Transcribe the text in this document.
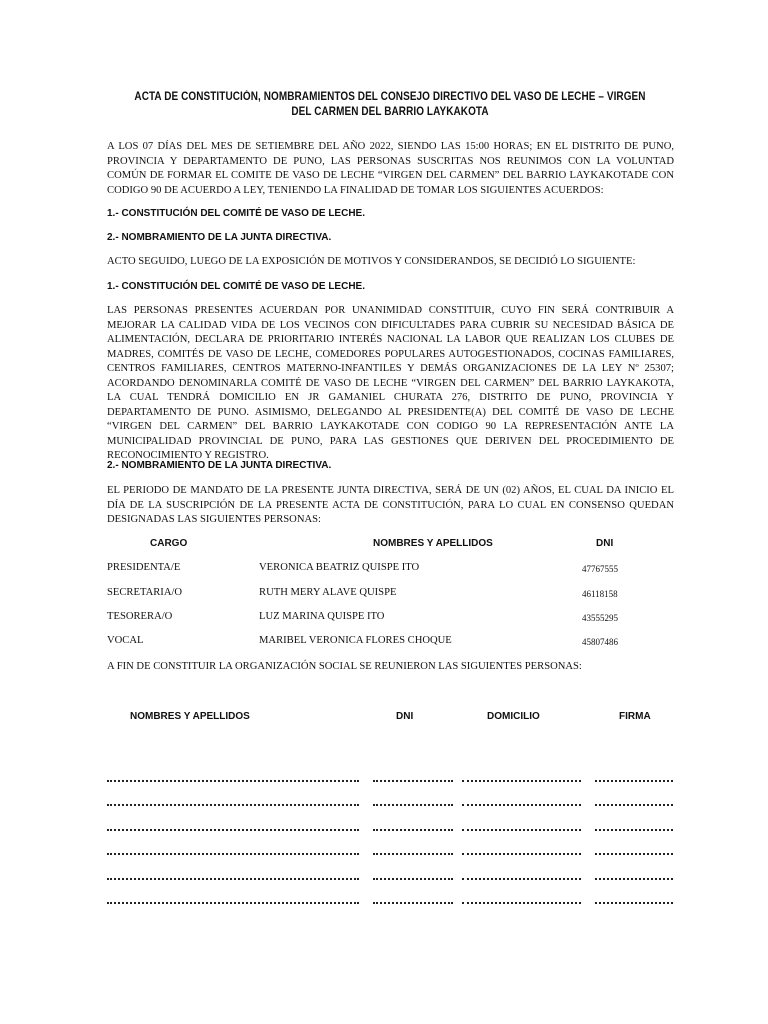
ACTA DE CONSTITUCIÓN, NOMBRAMIENTOS DEL CONSEJO DIRECTIVO DEL VASO DE LECHE – VIRGEN DEL CARMEN DEL BARRIO LAYKAKOTA
A LOS 07 DÍAS DEL MES DE SETIEMBRE DEL AÑO 2022, SIENDO LAS 15:00 HORAS; EN EL DISTRITO DE PUNO, PROVINCIA Y DEPARTAMENTO DE PUNO, LAS PERSONAS SUSCRITAS NOS REUNIMOS CON LA VOLUNTAD COMÚN DE FORMAR EL COMITE DE VASO DE LECHE “VIRGEN DEL CARMEN” DEL BARRIO LAYKAKOTADE CON CODIGO 90 DE ACUERDO A LEY, TENIENDO LA FINALIDAD DE TOMAR LOS SIGUIENTES ACUERDOS:
1.- CONSTITUCIÓN DEL COMITÉ DE VASO DE LECHE.
2.- NOMBRAMIENTO DE LA JUNTA DIRECTIVA.
ACTO SEGUIDO, LUEGO DE LA EXPOSICIÓN DE MOTIVOS Y CONSIDERANDOS, SE DECIDIÓ LO SIGUIENTE:
1.- CONSTITUCIÓN DEL COMITÉ DE VASO DE LECHE.
LAS PERSONAS PRESENTES ACUERDAN POR UNANIMIDAD CONSTITUIR, CUYO FIN SERÁ CONTRIBUIR A MEJORAR LA CALIDAD VIDA DE LOS VECINOS CON DIFICULTADES PARA CUBRIR SU NECESIDAD BÁSICA DE ALIMENTACIÓN, DECLARA DE PRIORITARIO INTERÉS NACIONAL LA LABOR QUE REALIZAN LOS CLUBES DE MADRES, COMITÉS DE VASO DE LECHE, COMEDORES POPULARES AUTOGESTIONADOS, COCINAS FAMILIARES, CENTROS FAMILIARES, CENTROS MATERNO-INFANTILES Y DEMÁS ORGANIZACIONES DE LA LEY Nº 25307; ACORDANDO DENOMINARLA COMITÉ DE VASO DE LECHE “VIRGEN DEL CARMEN” DEL BARRIO LAYKAKOTA, LA CUAL TENDRÁ DOMICILIO EN JR GAMANIEL CHURATA 276, DISTRITO DE PUNO, PROVINCIA Y DEPARTAMENTO DE PUNO. ASIMISMO, DELEGANDO AL PRESIDENTE(A) DEL COMITÉ DE VASO DE LECHE “VIRGEN DEL CARMEN” DEL BARRIO LAYKAKOTADE CON CODIGO 90 LA REPRESENTACIÓN ANTE LA MUNICIPALIDAD PROVINCIAL DE PUNO, PARA LAS GESTIONES QUE DERIVEN DEL PROCEDIMIENTO DE RECONOCIMIENTO Y REGISTRO.
2.- NOMBRAMIENTO DE LA JUNTA DIRECTIVA.
EL PERIODO DE MANDATO DE LA PRESENTE JUNTA DIRECTIVA, SERÁ DE UN (02) AÑOS, EL CUAL DA INICIO EL DÍA DE LA SUSCRIPCIÓN DE LA PRESENTE ACTA DE CONSTITUCIÓN, PARA LO CUAL EN CONSENSO QUEDAN DESIGNADAS LAS SIGUIENTES PERSONAS:
CARGO	NOMBRES Y APELLIDOS	DNI
PRESIDENTA/E	VERONICA BEATRIZ QUISPE ITO	47767555
SECRETARIA/O	RUTH MERY ALAVE QUISPE	46118158
TESORERA/O	LUZ MARINA QUISPE ITO	43555295
VOCAL	MARIBEL VERONICA FLORES CHOQUE	45807486
A FIN DE CONSTITUIR LA ORGANIZACIÓN SOCIAL SE REUNIERON LAS SIGUIENTES PERSONAS:
NOMBRES Y APELLIDOS	DNI	DOMICILIO	FIRMA
